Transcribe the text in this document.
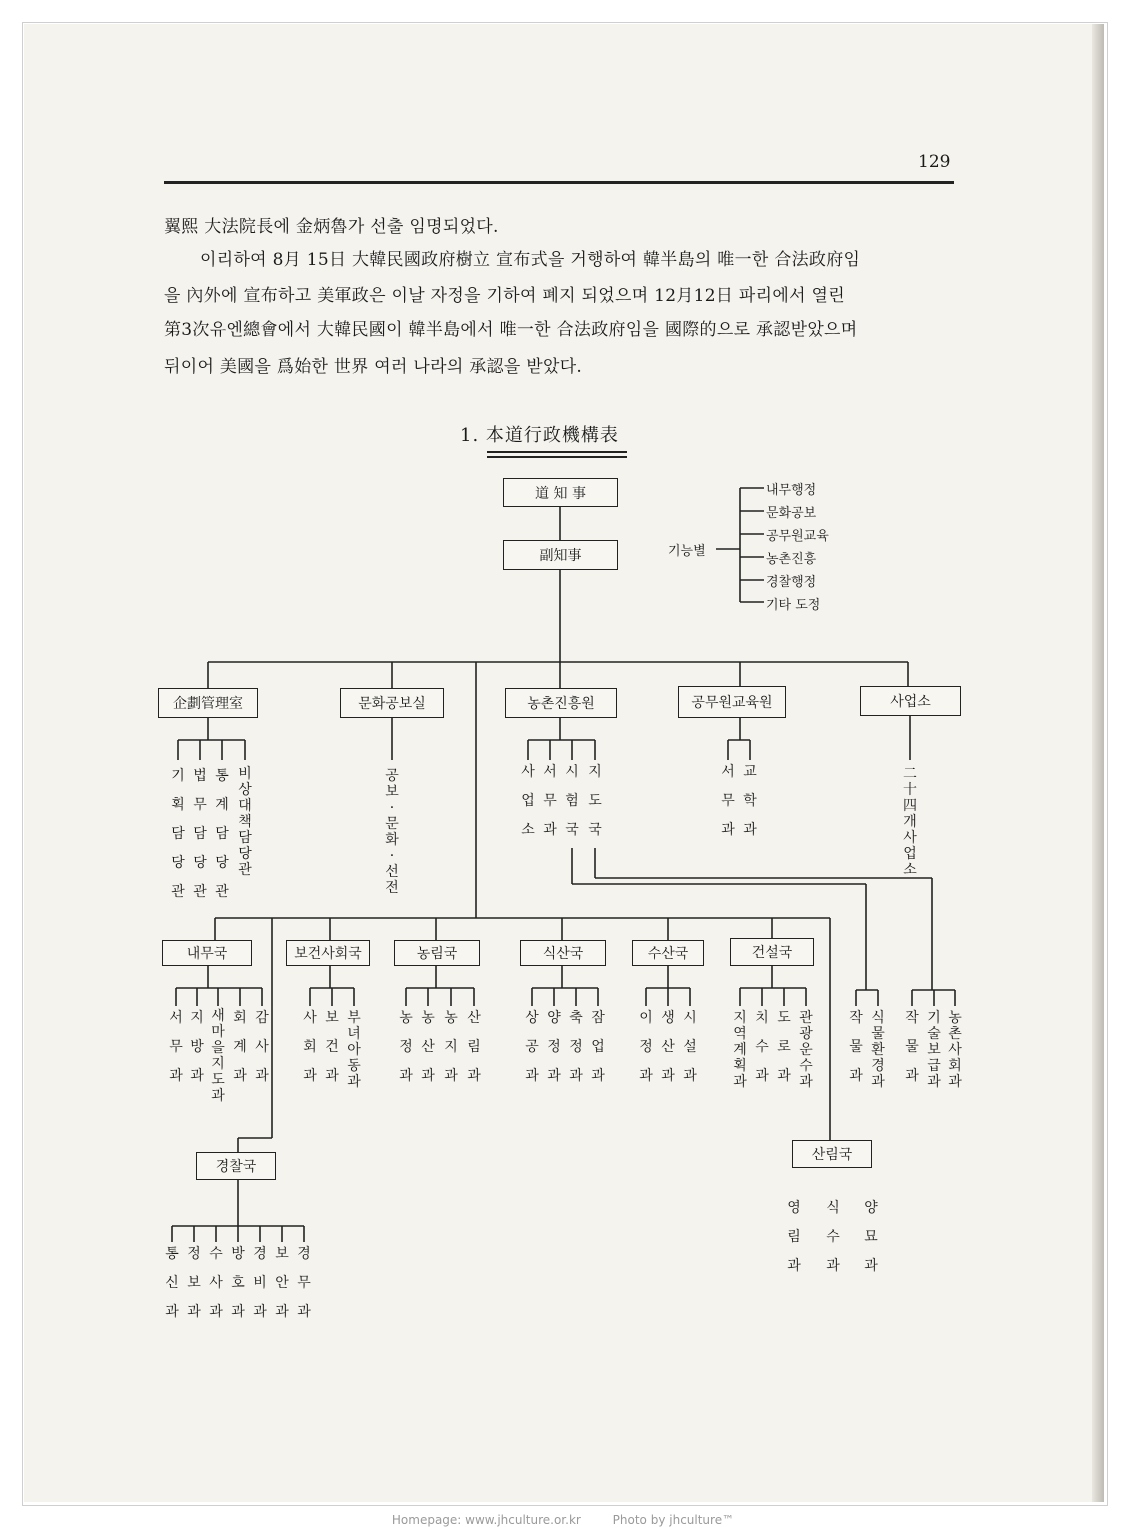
129
翼熙 大法院長에 金炳魯가 선출 임명되었다.
이리하여 8月 15日 大韓民國政府樹立 宣布式을 거행하여 韓半島의 唯一한 合法政府임
을 內外에 宣布하고 美軍政은 이날 자정을 기하여 폐지 되었으며 12月12日 파리에서 열린
第3次유엔總會에서 大韓民國이 韓半島에서 唯一한 合法政府임을 國際的으로 承認받았으며
뒤이어 美國을 爲始한 世界 여러 나라의 承認을 받았다.
1. 本道行政機構表
道 知 事
副知事	기능별
내무행정
문화공보
공무원교육
농촌진흥
경찰행정
기타 도정
企劃管理室	문화공보실	농촌진흥원	공무원교육원	사업소
기획담당관
법무담당관
통계담당관
비상대책담당관
공보·문화·선전
사업소
서무과
시험국
지도국
서무과
교학과
二十四개사업소
내무국	보건사회국	농림국	식산국	수산국	건설국
서무과
지방과
새마을지도과
회계과
감사과
사회과
보건과
부녀아동과
농정과
농산과
농지과
산림과
상공과
양정과
축정과
잠업과
이정과
생산과
시설과
지역계획과
치수과
도로과
관광운수과
작물과
식물환경과
작물과
기술보급과
농촌사회과
경찰국
통신과
정보과
수사과
방호과
경비과
보안과
경무과
산림국
영림과
식수과
양묘과
Homepage: www.jhculture.or.kr	Photo by jhculture™
